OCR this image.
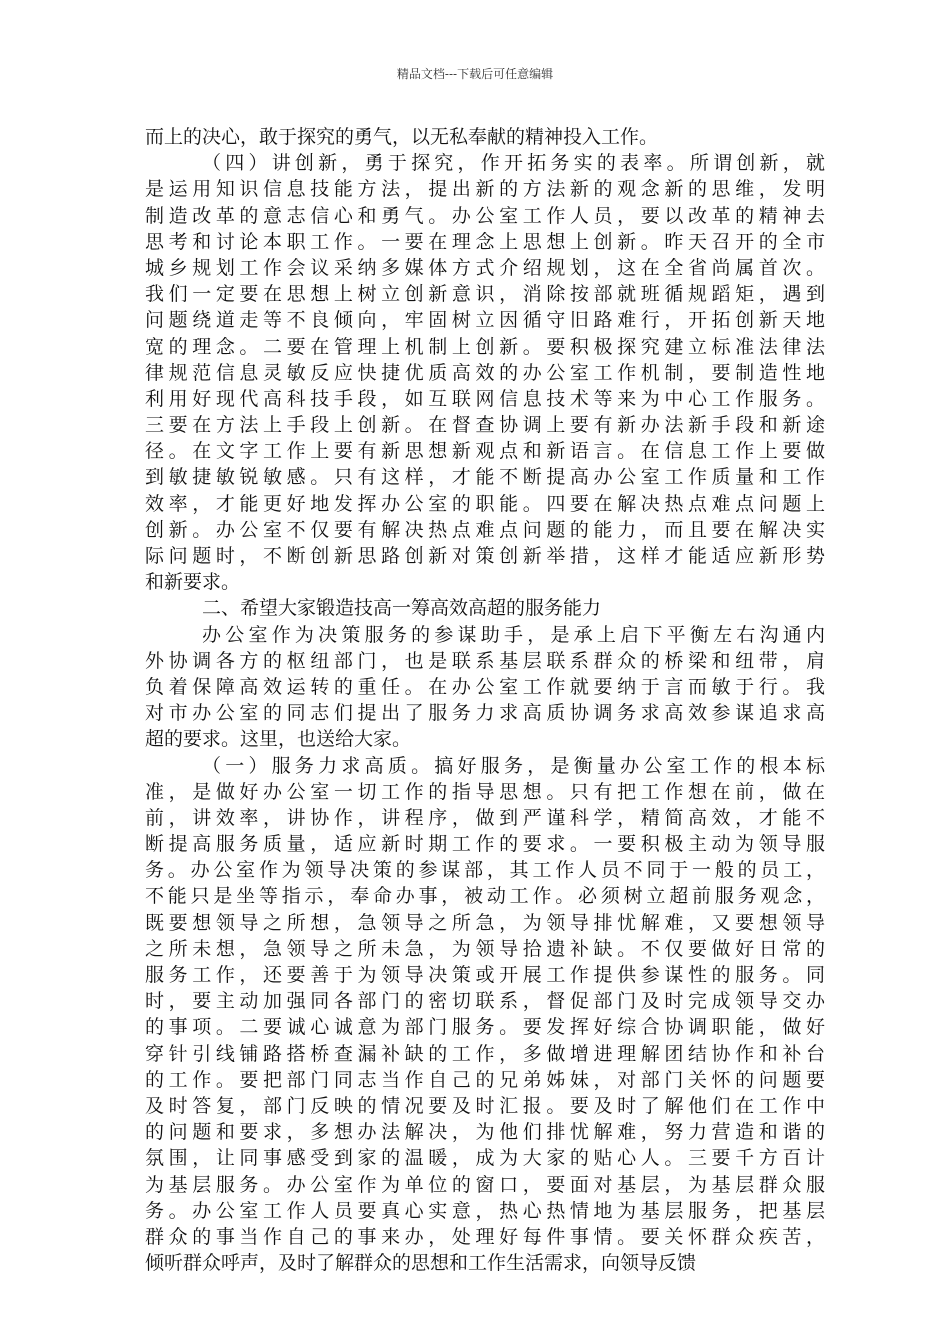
精品文档---下载后可任意编辑
而上的决心，敢于探究的勇气，以无私奉献的精神投入工作。
（四）讲创新，勇于探究，作开拓务实的表率。所谓创新，就
是运用知识信息技能方法，提出新的方法新的观念新的思维，发明
制造改革的意志信心和勇气。办公室工作人员，要以改革的精神去
思考和讨论本职工作。一要在理念上思想上创新。昨天召开的全市
城乡规划工作会议采纳多媒体方式介绍规划，这在全省尚属首次。
我们一定要在思想上树立创新意识，消除按部就班循规蹈矩，遇到
问题绕道走等不良倾向，牢固树立因循守旧路难行，开拓创新天地
宽的理念。二要在管理上机制上创新。要积极探究建立标准法律法
律规范信息灵敏反应快捷优质高效的办公室工作机制，要制造性地
利用好现代高科技手段，如互联网信息技术等来为中心工作服务。
三要在方法上手段上创新。在督查协调上要有新办法新手段和新途
径。在文字工作上要有新思想新观点和新语言。在信息工作上要做
到敏捷敏锐敏感。只有这样，才能不断提高办公室工作质量和工作
效率，才能更好地发挥办公室的职能。四要在解决热点难点问题上
创新。办公室不仅要有解决热点难点问题的能力，而且要在解决实
际问题时，不断创新思路创新对策创新举措，这样才能适应新形势
和新要求。
二、希望大家锻造技高一筹高效高超的服务能力
办公室作为决策服务的参谋助手，是承上启下平衡左右沟通内
外协调各方的枢纽部门，也是联系基层联系群众的桥梁和纽带，肩
负着保障高效运转的重任。在办公室工作就要纳于言而敏于行。我
对市办公室的同志们提出了服务力求高质协调务求高效参谋追求高
超的要求。这里，也送给大家。
（一）服务力求高质。搞好服务，是衡量办公室工作的根本标
准，是做好办公室一切工作的指导思想。只有把工作想在前，做在
前，讲效率，讲协作，讲程序，做到严谨科学，精简高效，才能不
断提高服务质量，适应新时期工作的要求。一要积极主动为领导服
务。办公室作为领导决策的参谋部，其工作人员不同于一般的员工，
不能只是坐等指示，奉命办事，被动工作。必须树立超前服务观念，
既要想领导之所想，急领导之所急，为领导排忧解难，又要想领导
之所未想，急领导之所未急，为领导拾遗补缺。不仅要做好日常的
服务工作，还要善于为领导决策或开展工作提供参谋性的服务。同
时，要主动加强同各部门的密切联系，督促部门及时完成领导交办
的事项。二要诚心诚意为部门服务。要发挥好综合协调职能，做好
穿针引线铺路搭桥查漏补缺的工作，多做增进理解团结协作和补台
的工作。要把部门同志当作自己的兄弟姊妹，对部门关怀的问题要
及时答复，部门反映的情况要及时汇报。要及时了解他们在工作中
的问题和要求，多想办法解决，为他们排忧解难，努力营造和谐的
氛围，让同事感受到家的温暖，成为大家的贴心人。三要千方百计
为基层服务。办公室作为单位的窗口，要面对基层，为基层群众服
务。办公室工作人员要真心实意，热心热情地为基层服务，把基层
群众的事当作自己的事来办，处理好每件事情。要关怀群众疾苦，
倾听群众呼声，及时了解群众的思想和工作生活需求，向领导反馈
